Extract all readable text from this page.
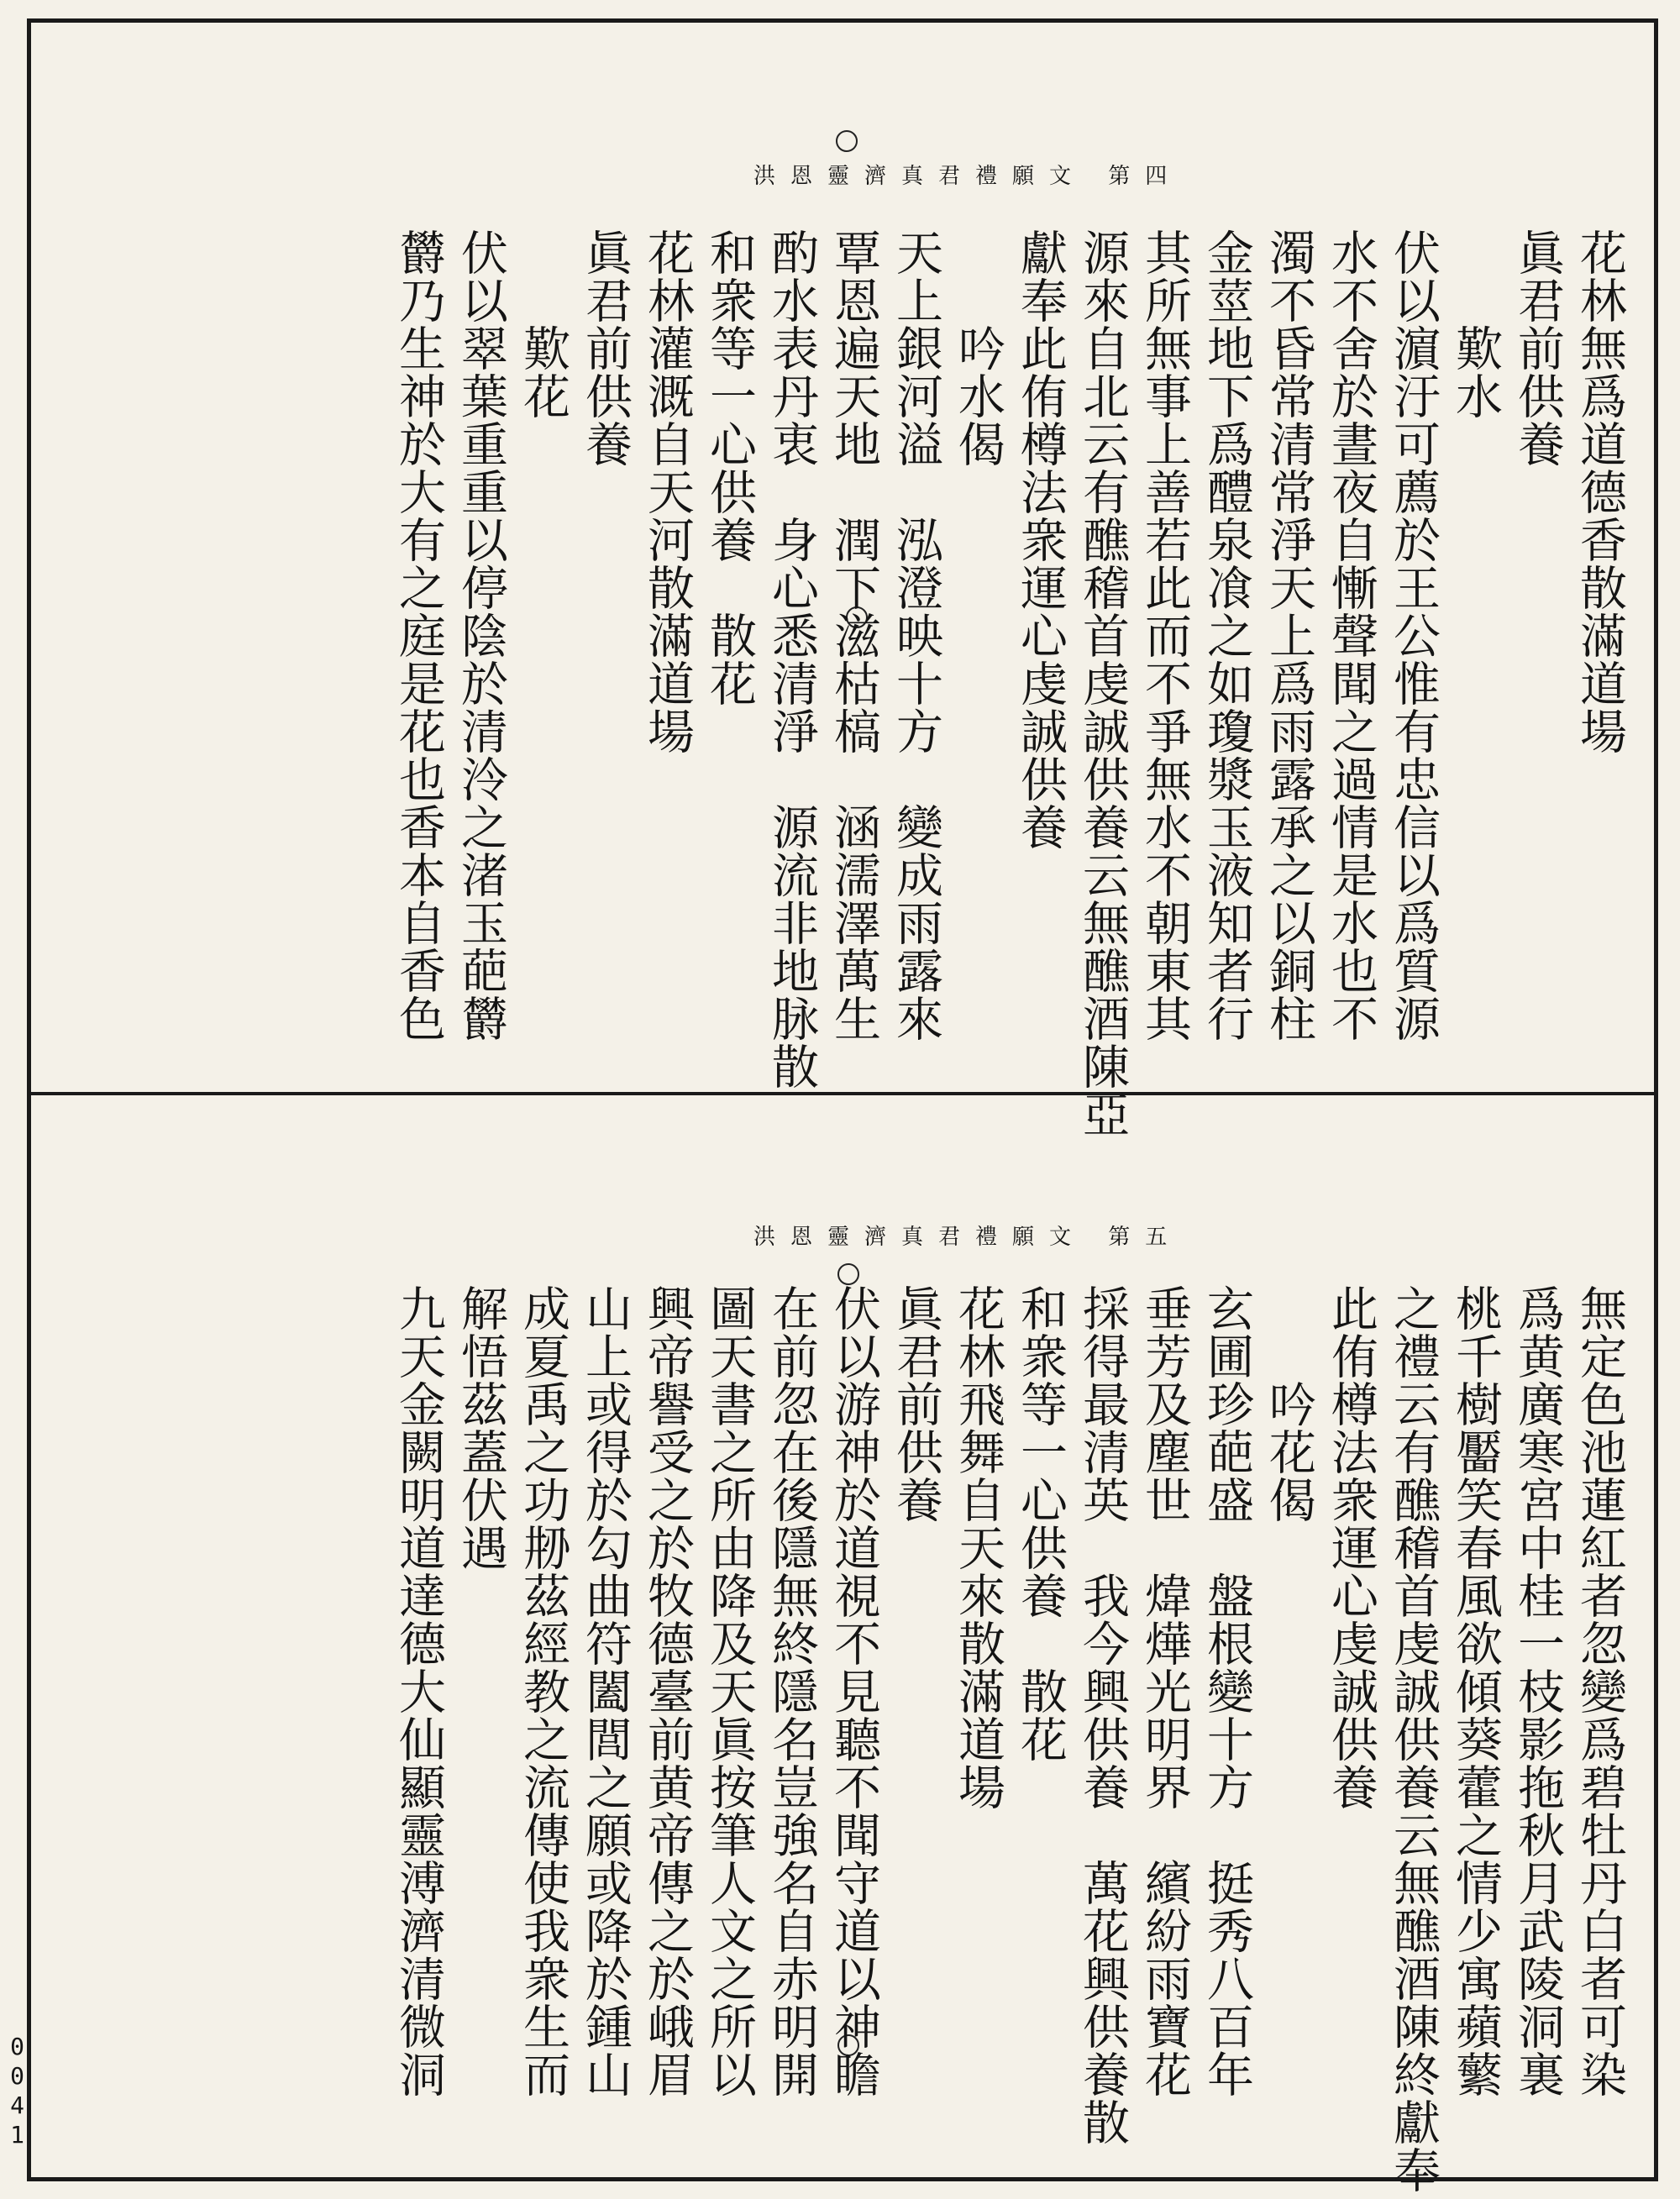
洪恩靈濟真君禮願文 第四
花林無爲道德香散滿道場
眞君前供養
　　歎水
伏以濵汙可薦於王公惟有忠信以爲質源
水不舍於晝夜自慚聲聞之過情是水也不
濁不昏常清常淨天上爲雨露承之以銅柱
金莖地下爲醴泉飡之如瓊漿玉液知者行
其所無事上善若此而不爭無水不朝東其
源來自北云有醮稽首虔誠供養云無醮酒陳亞
獻奉此侑樽法衆運心虔誠供養
　　吟水偈
天上銀河溢　泓澄映十方　變成雨露來
覃恩遍天地　潤下滋枯槁　涵濡澤萬生
酌水表丹衷　身心悉清淨　源流非地脉散
和衆等一心供養　散花
花林灌溉自天河散滿道場
眞君前供養
　　歎花
伏以翠葉重重以停陰於清泠之渚玉葩欝
欝乃生神於大有之庭是花也香本自香色
洪恩靈濟真君禮願文 第五
無定色池蓮紅者忽變爲碧牡丹白者可染
爲黄廣寒宮中桂一枝影拖秋月武陵洞裏
桃千樹靨笑春風欲傾葵藿之情少寓蘋蘩
之禮云有醮稽首虔誠供養云無醮酒陳終獻奉
此侑樽法衆運心虔誠供養
　　吟花偈
玄圃珍葩盛　盤根變十方　挺秀八百年
垂芳及塵世　煒燁光明界　繽紛雨寶花
採得最清英　我今興供養　萬花興供養散
和衆等一心供養　散花
花林飛舞自天來散滿道場
眞君前供養
伏以游神於道視不見聽不聞守道以神瞻
在前忽在後隱無終隱名豈強名自赤明開
圖天書之所由降及天眞按筆人文之所以
興帝譽受之於牧德臺前黄帝傳之於峨眉
山上或得於勾曲符闔閭之願或降於鍾山
成夏禹之功刱茲經教之流傳使我衆生而
解悟茲蓋伏遇
九天金闕明道達德大仙顯靈溥濟清微洞
0041
